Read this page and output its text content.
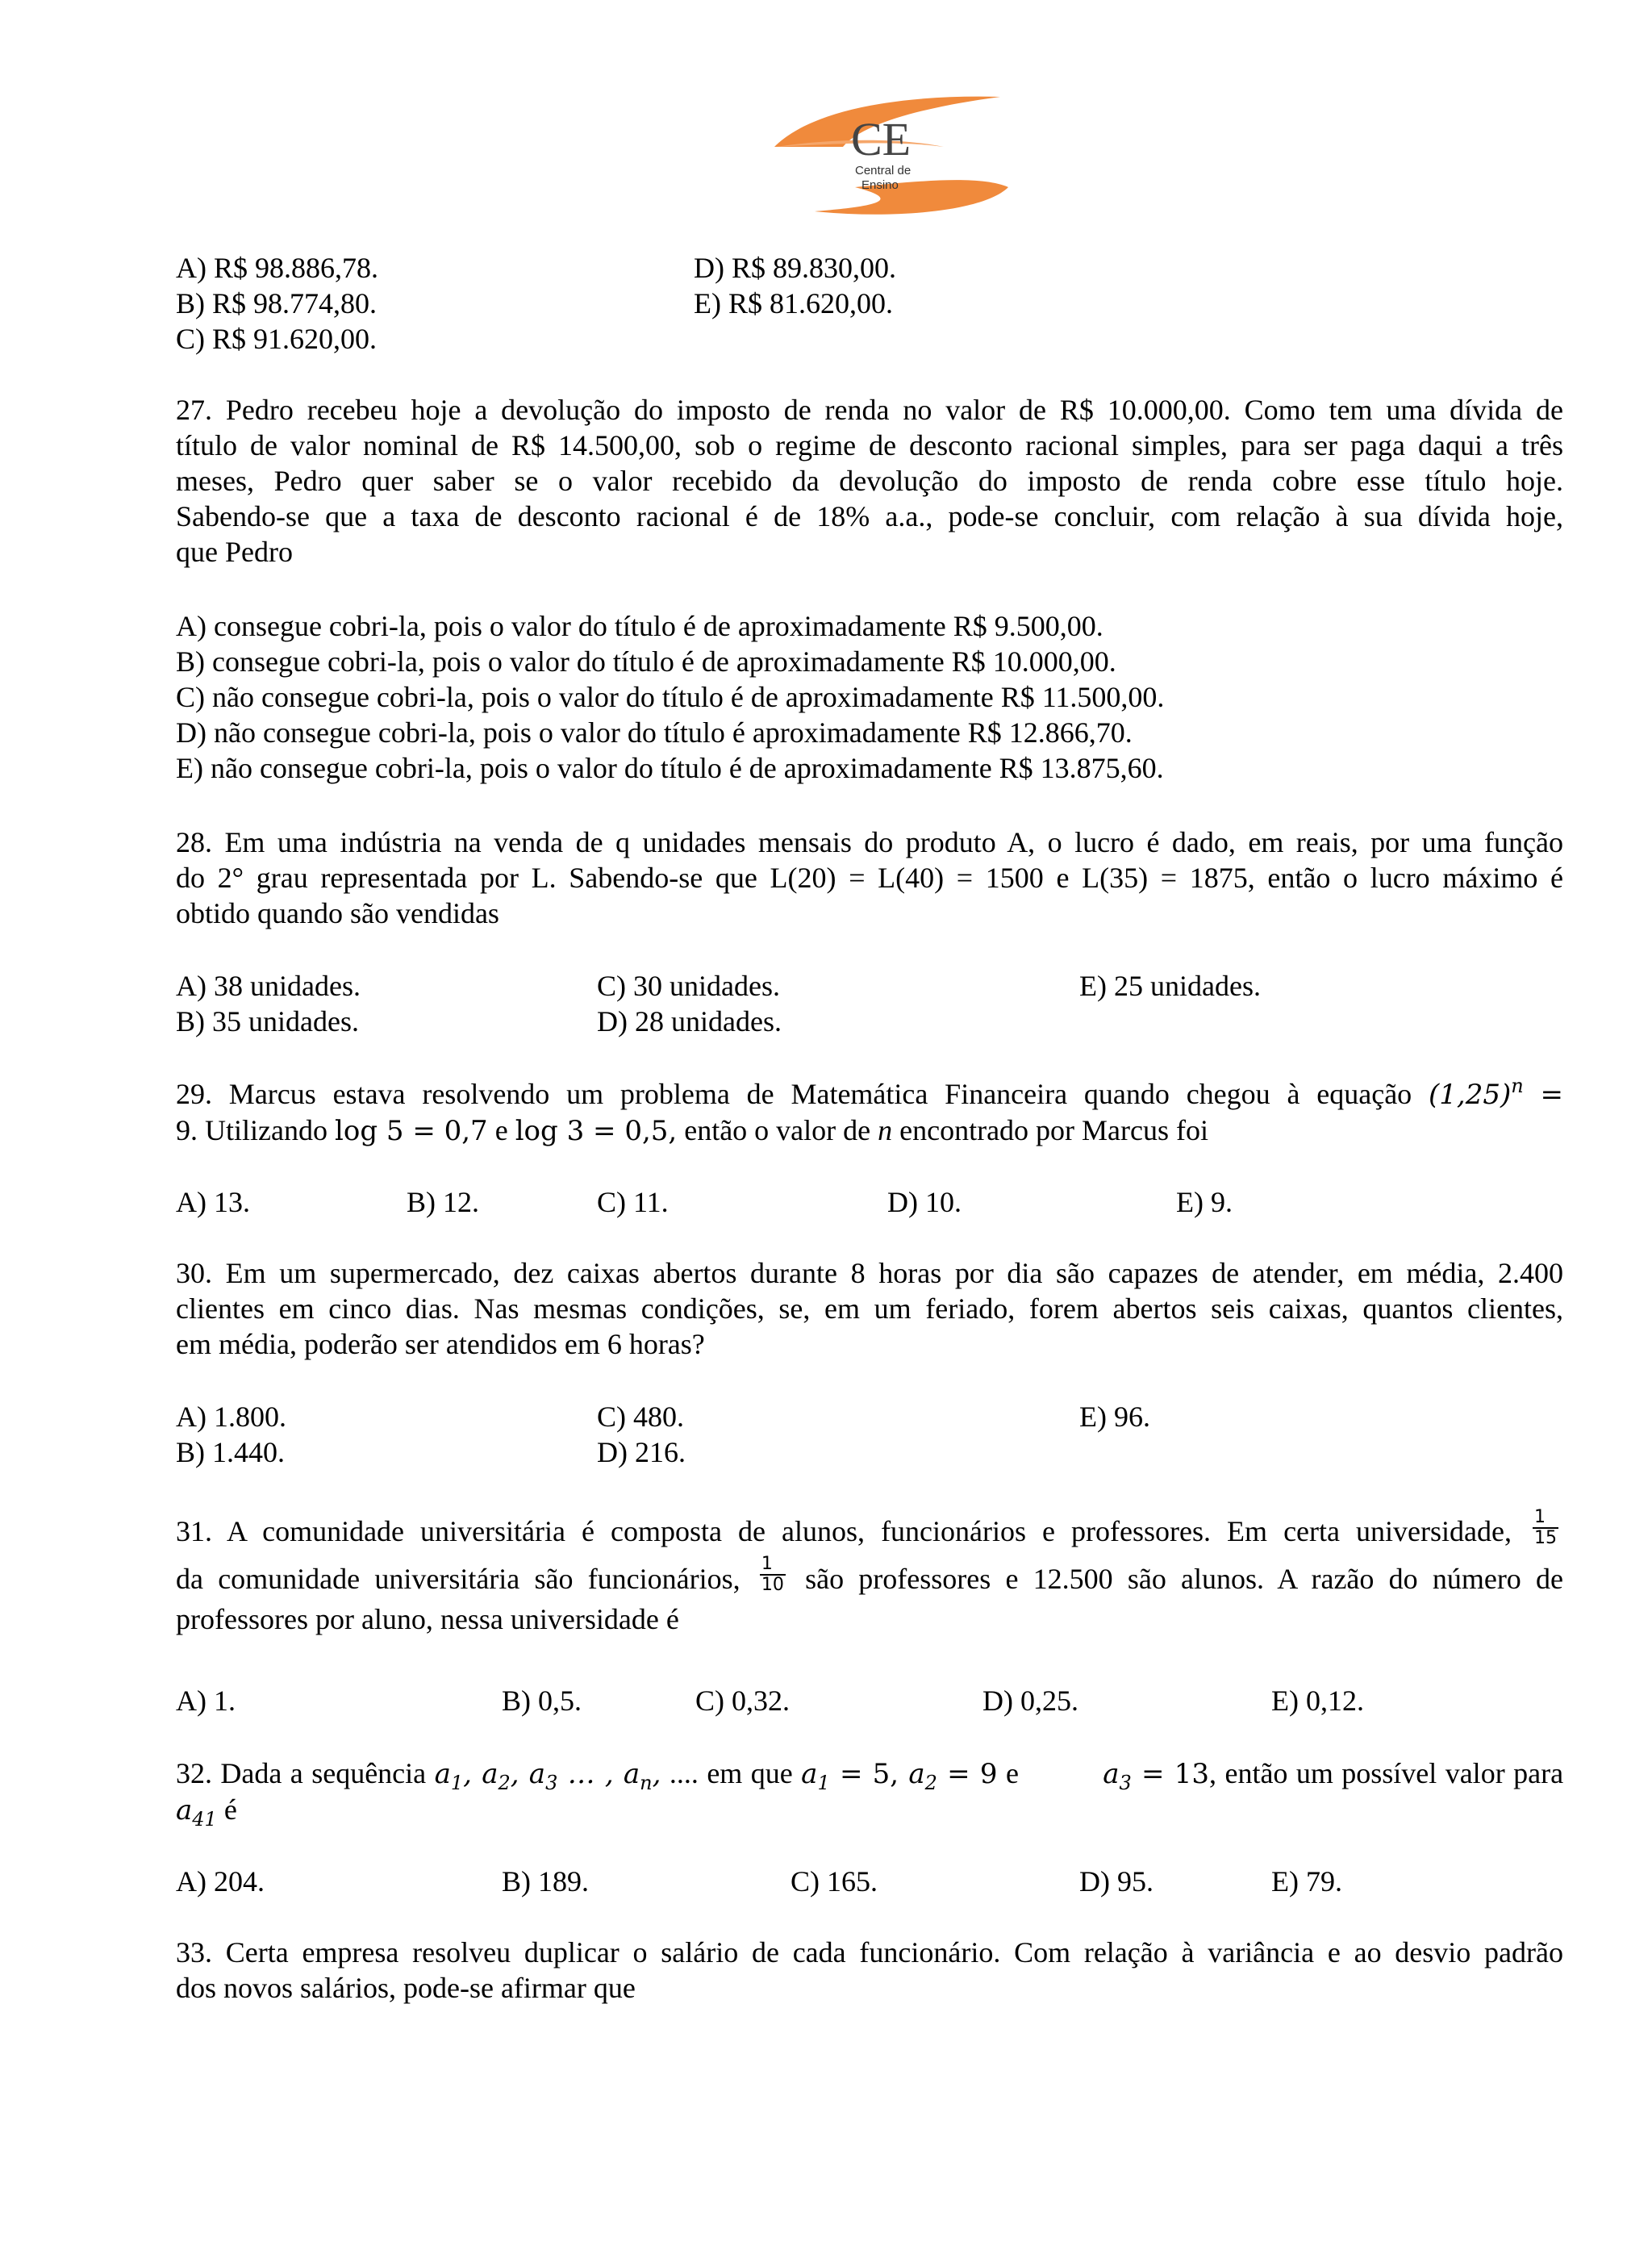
CE
Central de
Ensino
A) R$ 98.886,78.	D) R$ 89.830,00.
B) R$ 98.774,80.	E) R$ 81.620,00.
C) R$ 91.620,00.
27. Pedro recebeu hoje a devolução do imposto de renda no valor de R$ 10.000,00. Como tem uma dívida de
título de valor nominal de R$ 14.500,00, sob o regime de desconto racional simples, para ser paga daqui a três
meses, Pedro quer saber se o valor recebido da devolução do imposto de renda cobre esse título hoje.
Sabendo-se que a taxa de desconto racional é de 18% a.a., pode-se concluir, com relação à sua dívida hoje,
que Pedro
A) consegue cobri-la, pois o valor do título é de aproximadamente R$ 9.500,00.
B) consegue cobri-la, pois o valor do título é de aproximadamente R$ 10.000,00.
C) não consegue cobri-la, pois o valor do título é de aproximadamente R$ 11.500,00.
D) não consegue cobri-la, pois o valor do título é aproximadamente R$ 12.866,70.
E) não consegue cobri-la, pois o valor do título é de aproximadamente R$ 13.875,60.
28. Em uma indústria na venda de q unidades mensais do produto A, o lucro é dado, em reais, por uma função
do 2° grau representada por L. Sabendo-se que L(20) = L(40) = 1500 e L(35) = 1875, então o lucro máximo é
obtido quando são vendidas
A) 38 unidades.	C) 30 unidades.	E) 25 unidades.
B) 35 unidades.	D) 28 unidades.
29. Marcus estava resolvendo um problema de Matemática Financeira quando chegou à equação $(1,25)^n$ =
9. Utilizando log 5 = 0,7 e log 3 = 0,5, então o valor de n encontrado por Marcus foi
A) 13.	B) 12.	C) 11.	D) 10.	E) 9.
30. Em um supermercado, dez caixas abertos durante 8 horas por dia são capazes de atender, em média, 2.400
clientes em cinco dias. Nas mesmas condições, se, em um feriado, forem abertos seis caixas, quantos clientes,
em média, poderão ser atendidos em 6 horas?
A) 1.800.	C) 480.	E) 96.
B) 1.440.	D) 216.
31. A comunidade universitária é composta de alunos, funcionários e professores. Em certa universidade, $\frac{1}{15}$
da comunidade universitária são funcionários, $\frac{1}{10}$ são professores e 12.500 são alunos. A razão do número de
professores por aluno, nessa universidade é
A) 1.	B) 0,5.	C) 0,32.	D) 0,25.	E) 0,12.
32. Dada a sequência $a_1$, $a_2$, $a_3$ … , $a_n$, .... em que $a_1 = 5$, $a_2 = 9$ e	$a_3 = 13$, então um possível valor para
$a_{41}$ é
A) 204.	B) 189.	C) 165.	D) 95.	E) 79.
33. Certa empresa resolveu duplicar o salário de cada funcionário. Com relação à variância e ao desvio padrão
dos novos salários, pode-se afirmar que
